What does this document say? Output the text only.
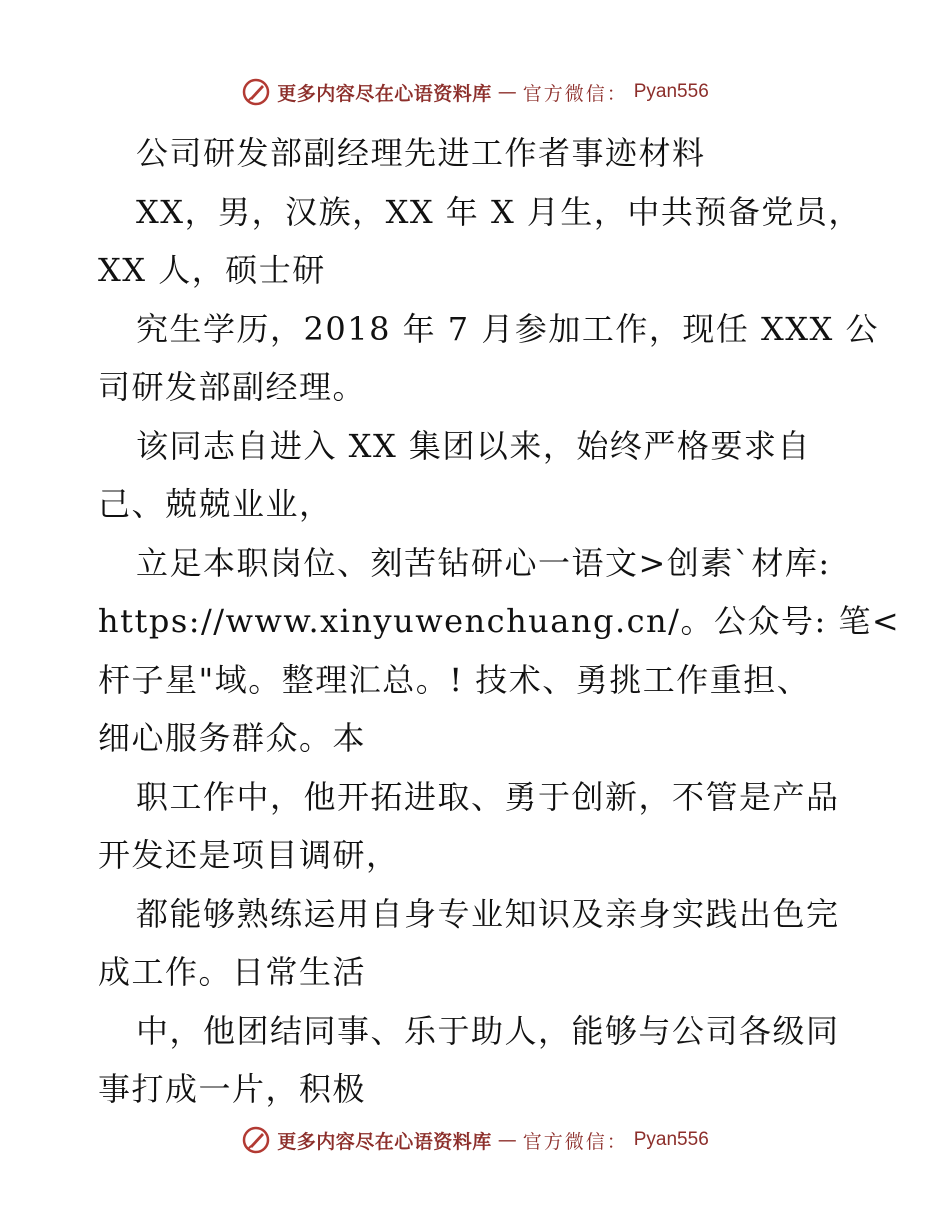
更多内容尽在心语资料库 — 官方微信： Pyan556
公司研发部副经理先进工作者事迹材料
XX，男，汉族，XX 年 X 月生，中共预备党员，
XX 人，硕士研
究生学历，2018 年 7 月参加工作，现任 XXX 公
司研发部副经理。
该同志自进入 XX 集团以来，始终严格要求自
己、兢兢业业，
立足本职岗位、刻苦钻研心一语文>创素`材库:
https://www.xinyuwenchuang.cn/。公众号: 笔<
杆子星"域。整理汇总。! 技术、勇挑工作重担、
细心服务群众。本
职工作中，他开拓进取、勇于创新，不管是产品
开发还是项目调研，
都能够熟练运用自身专业知识及亲身实践出色完
成工作。日常生活
中，他团结同事、乐于助人，能够与公司各级同
事打成一片，积极
更多内容尽在心语资料库 — 官方微信： Pyan556
